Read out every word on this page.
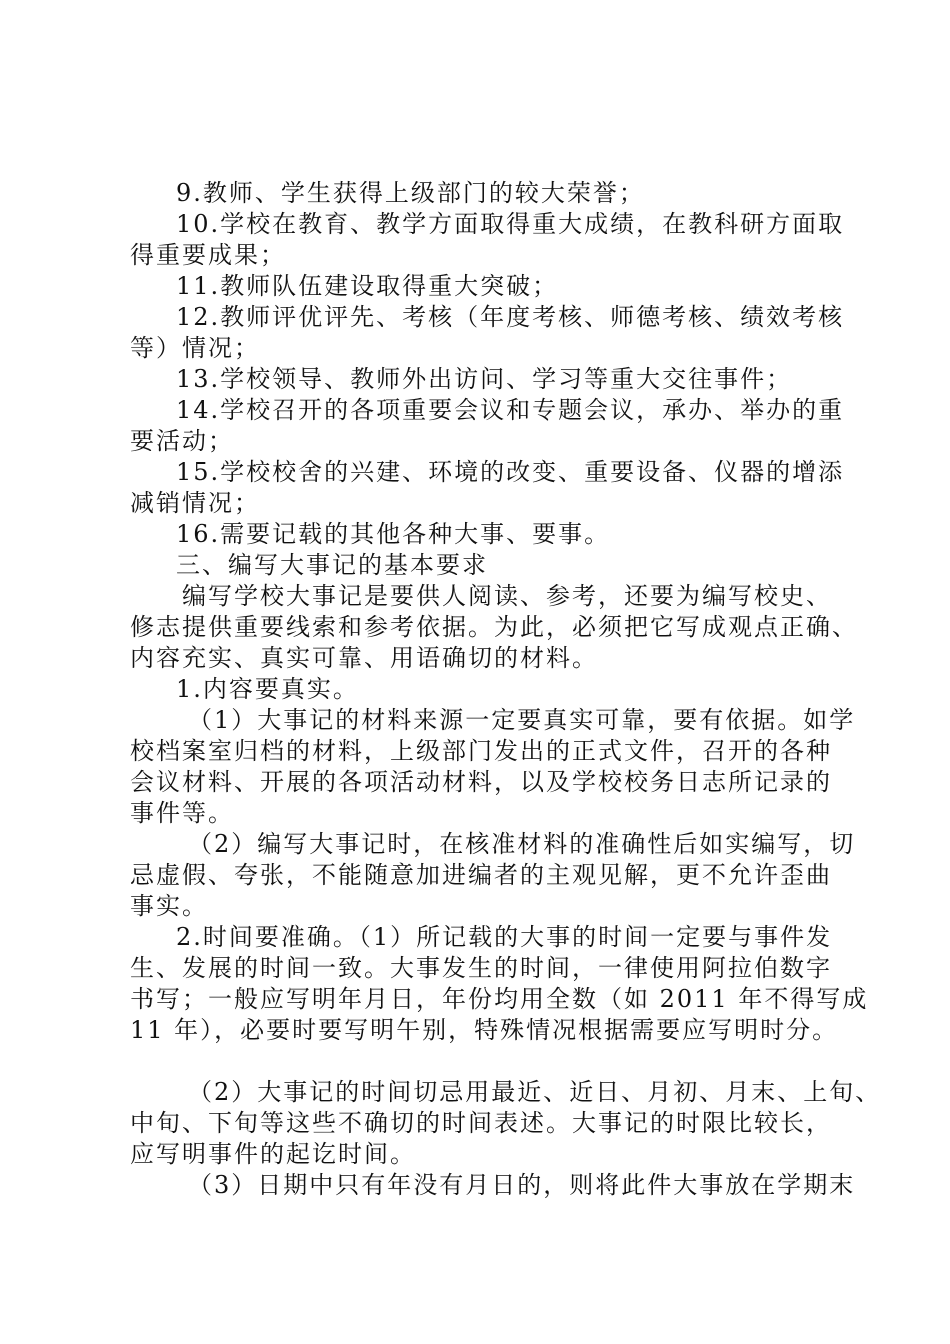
9.教师、学生获得上级部门的较大荣誉；
10.学校在教育、教学方面取得重大成绩，在教科研方面取
得重要成果；
11.教师队伍建设取得重大突破；
12.教师评优评先、考核（年度考核、师德考核、绩效考核
等）情况；
13.学校领导、教师外出访问、学习等重大交往事件；
14.学校召开的各项重要会议和专题会议，承办、举办的重
要活动；
15.学校校舍的兴建、环境的改变、重要设备、仪器的增添
减销情况；
16.需要记载的其他各种大事、要事。
三、编写大事记的基本要求
编写学校大事记是要供人阅读、参考，还要为编写校史、
修志提供重要线索和参考依据。为此，必须把它写成观点正确、
内容充实、真实可靠、用语确切的材料。
1.内容要真实。
（1）大事记的材料来源一定要真实可靠，要有依据。如学
校档案室归档的材料，上级部门发出的正式文件，召开的各种
会议材料、开展的各项活动材料，以及学校校务日志所记录的
事件等。
（2）编写大事记时，在核准材料的准确性后如实编写，切
忌虚假、夸张，不能随意加进编者的主观见解，更不允许歪曲
事实。
2.时间要准确。（1）所记载的大事的时间一定要与事件发
生、发展的时间一致。大事发生的时间，一律使用阿拉伯数字
书写；一般应写明年月日，年份均用全数（如 2011 年不得写成
11 年），必要时要写明午别，特殊情况根据需要应写明时分。
（2）大事记的时间切忌用最近、近日、月初、月末、上旬、
中旬、下旬等这些不确切的时间表述。大事记的时限比较长，
应写明事件的起讫时间。
（3）日期中只有年没有月日的，则将此件大事放在学期末
